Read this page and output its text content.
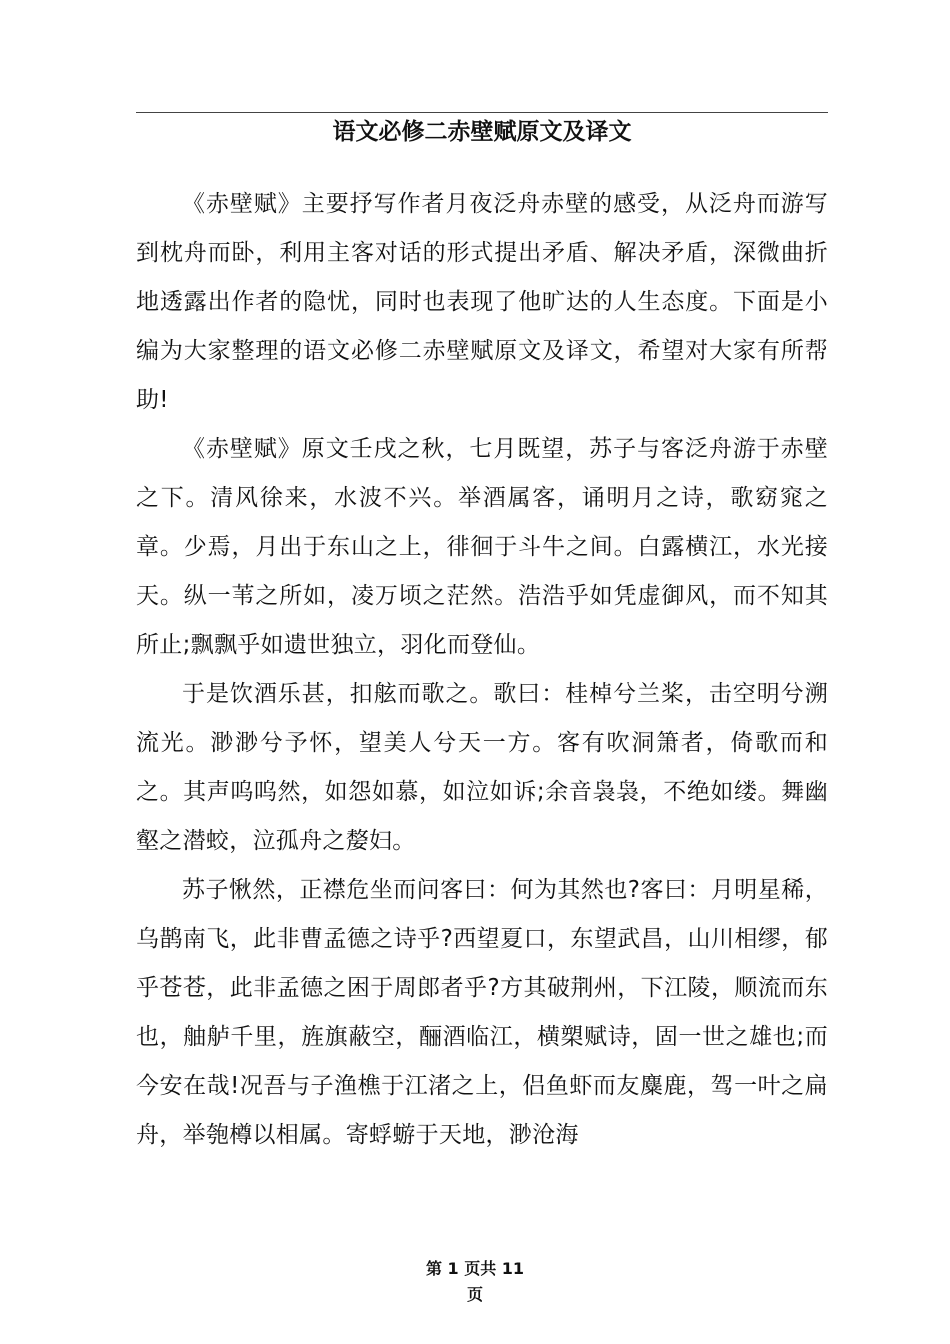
语文必修二赤壁赋原文及译文

《赤壁赋》主要抒写作者月夜泛舟赤壁的感受，从泛舟而游写到枕舟而卧，利用主客对话的形式提出矛盾、解决矛盾，深微曲折地透露出作者的隐忧，同时也表现了他旷达的人生态度。下面是小编为大家整理的语文必修二赤壁赋原文及译文，希望对大家有所帮助!

《赤壁赋》原文壬戌之秋，七月既望，苏子与客泛舟游于赤壁之下。清风徐来，水波不兴。举酒属客，诵明月之诗，歌窈窕之章。少焉，月出于东山之上，徘徊于斗牛之间。白露横江，水光接天。纵一苇之所如，凌万顷之茫然。浩浩乎如凭虚御风，而不知其所止;飘飘乎如遗世独立，羽化而登仙。

于是饮酒乐甚，扣舷而歌之。歌曰：桂棹兮兰桨，击空明兮溯流光。渺渺兮予怀，望美人兮天一方。客有吹洞箫者，倚歌而和之。其声呜呜然，如怨如慕，如泣如诉;余音袅袅，不绝如缕。舞幽壑之潜蛟，泣孤舟之嫠妇。

苏子愀然，正襟危坐而问客曰：何为其然也?客曰：月明星稀，乌鹊南飞，此非曹孟德之诗乎?西望夏口，东望武昌，山川相缪，郁乎苍苍，此非孟德之困于周郎者乎?方其破荆州，下江陵，顺流而东也，舳舻千里，旌旗蔽空，酾酒临江，横槊赋诗，固一世之雄也;而今安在哉!况吾与子渔樵于江渚之上，侣鱼虾而友麋鹿，驾一叶之扁舟，举匏樽以相属。寄蜉蝣于天地，渺沧海

第 1 页共 11
页
